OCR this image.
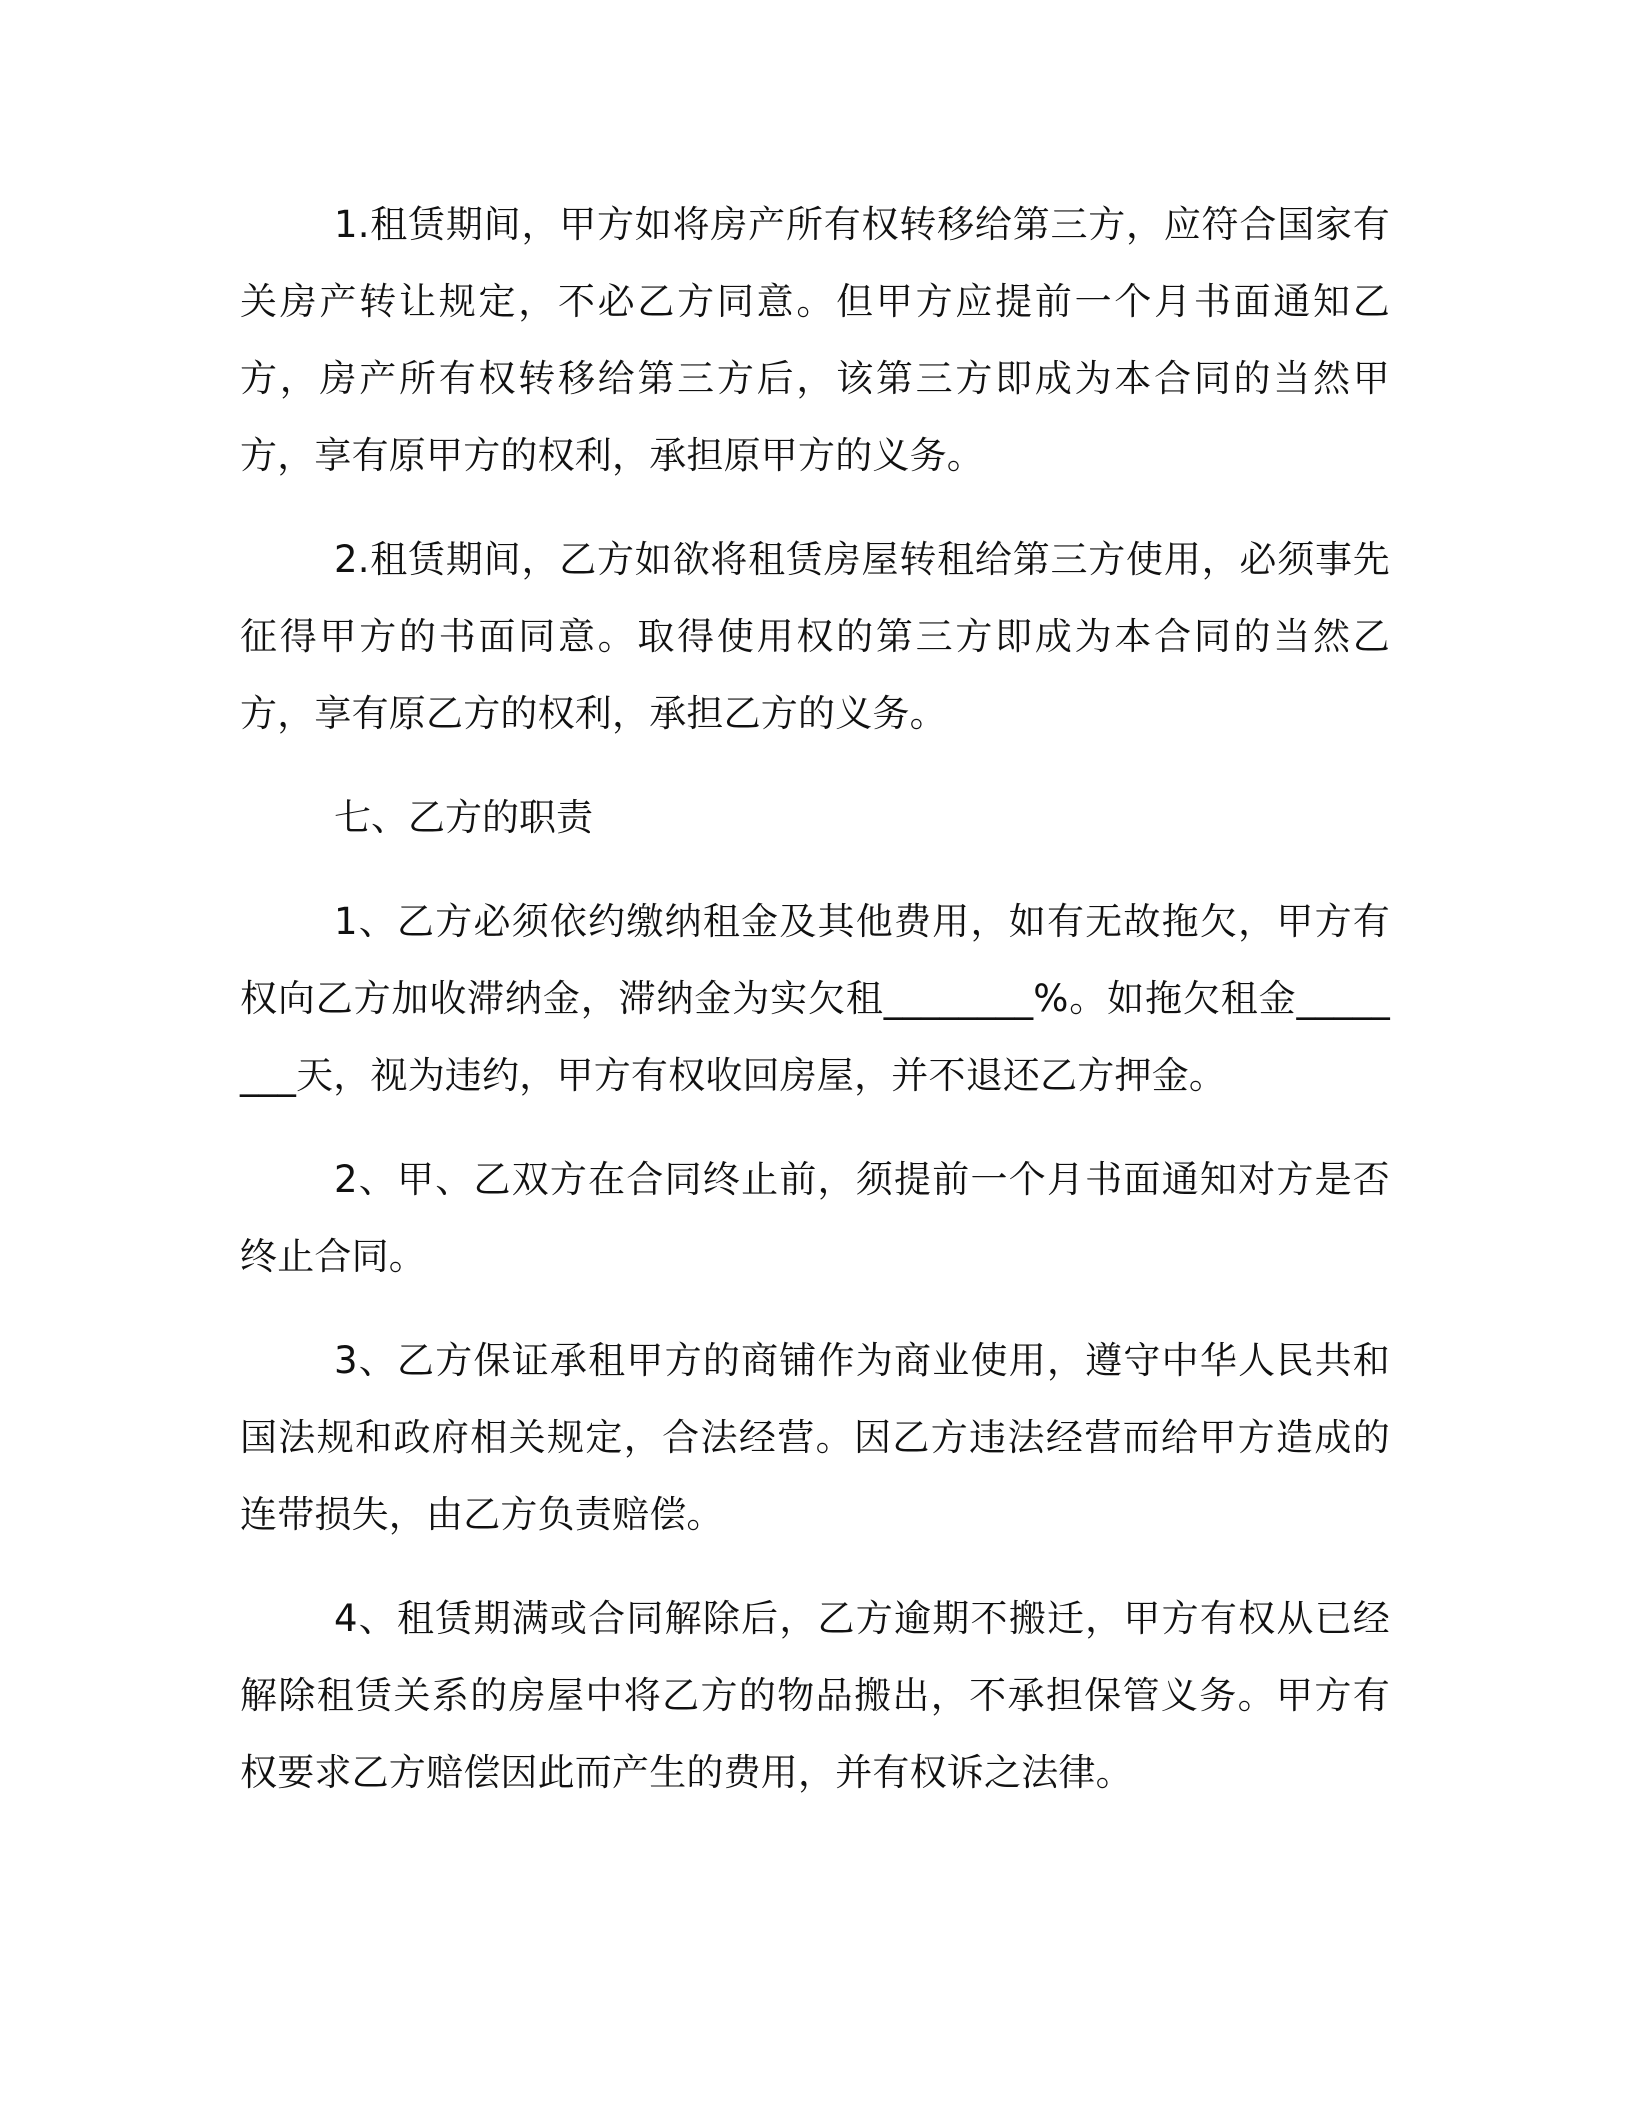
1.租赁期间，甲方如将房产所有权转移给第三方，应符合国家有关房产转让规定，不必乙方同意。但甲方应提前一个月书面通知乙方，房产所有权转移给第三方后，该第三方即成为本合同的当然甲方，享有原甲方的权利，承担原甲方的义务。

2.租赁期间，乙方如欲将租赁房屋转租给第三方使用，必须事先征得甲方的书面同意。取得使用权的第三方即成为本合同的当然乙方，享有原乙方的权利，承担乙方的义务。

七、乙方的职责

1、乙方必须依约缴纳租金及其他费用，如有无故拖欠，甲方有权向乙方加收滞纳金，滞纳金为实欠租________%。如拖欠租金________天，视为违约，甲方有权收回房屋，并不退还乙方押金。

2、甲、乙双方在合同终止前，须提前一个月书面通知对方是否终止合同。

3、乙方保证承租甲方的商铺作为商业使用，遵守中华人民共和国法规和政府相关规定，合法经营。因乙方违法经营而给甲方造成的连带损失，由乙方负责赔偿。

4、租赁期满或合同解除后，乙方逾期不搬迁，甲方有权从已经解除租赁关系的房屋中将乙方的物品搬出，不承担保管义务。甲方有权要求乙方赔偿因此而产生的费用，并有权诉之法律。
